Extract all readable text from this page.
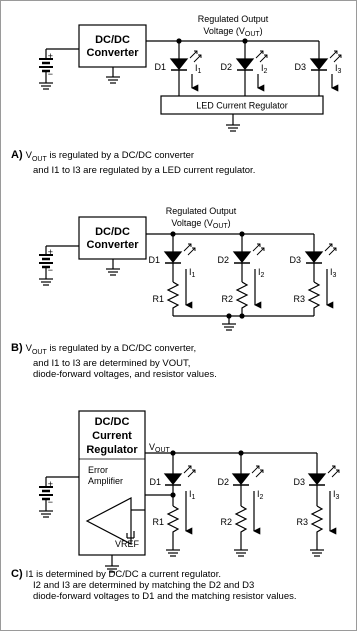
DC/DC
Converter
+
−
Regulated Output
Voltage $(V_{OUT})$
D1	D2	D3
$I_1$	$I_2$	$I_3$
LED Current Regulator
DC/DC
Converter
+
−
Regulated Output
Voltage $(V_{OUT})$
D1	D2	D3
$I_1$	$I_2$	$I_3$
R1	R2	R3
DC/DC
Current
Regulator
+
−
$V_{OUT}$
Error
Amplifier
VREF
D1	D2	D3
$I_1$	$I_2$	$I_3$
R1	R2	R3
A) $V_{OUT}$ is regulated by a DC/DC converter
and I1 to I3 are regulated by a LED current regulator.
B) $V_{OUT}$ is regulated by a DC/DC converter,
and I1 to I3 are determined by VOUT,
diode-forward voltages, and resistor values.
C) I1 is determined by DC/DC a current regulator.
I2 and I3 are determined by matching the D2 and D3
diode-forward voltages to D1 and the matching resistor values.
